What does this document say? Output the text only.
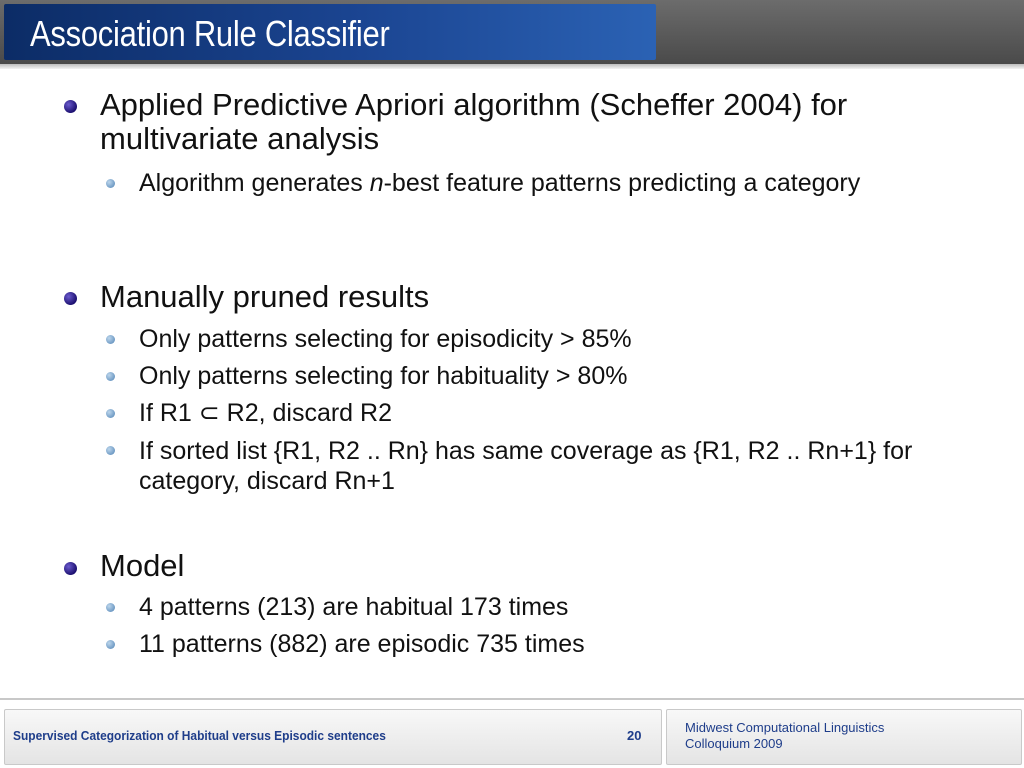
Association Rule Classifier
Applied Predictive Apriori algorithm (Scheffer 2004) for multivariate analysis
Algorithm generates n-best feature patterns predicting a category
Manually pruned results
Only patterns selecting for episodicity > 85%
Only patterns selecting for habituality > 80%
If R1 ⊂ R2, discard R2
If sorted list {R1, R2 .. Rn} has same coverage as {R1, R2 .. Rn+1} for category, discard Rn+1
Model
4 patterns (213) are habitual 173 times
11 patterns (882) are episodic 735 times
Supervised Categorization of Habitual versus Episodic sentences	20
Midwest Computational Linguistics
Colloquium 2009
